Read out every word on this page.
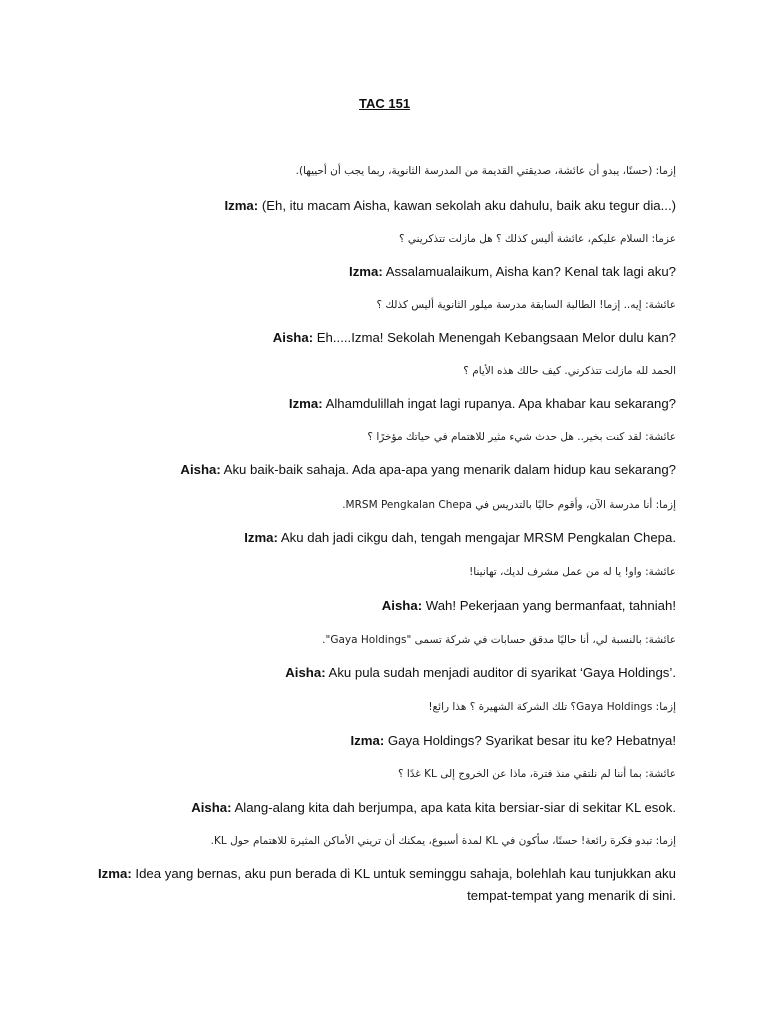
TAC 151
إزما: (حسنًا، يبدو أن عائشة، صديقتي القديمة من المدرسة الثانوية، ربما يجب أن أحييها).
Izma: (Eh, itu macam Aisha, kawan sekolah aku dahulu, baik aku tegur dia...)
عزما: السلام عليكم، عائشة أليس كذلك ؟ هل مازلت تتذكريني ؟
Izma: Assalamualaikum, Aisha kan? Kenal tak lagi aku?
عائشة: إيه.. إزما! الطالبة السابقة مدرسة ميلور الثانوية أليس كذلك ؟
Aisha: Eh.....Izma! Sekolah Menengah Kebangsaan Melor dulu kan?
الحمد لله مازلت تتذكرني. كيف حالك هذه الأيام ؟
Izma: Alhamdulillah ingat lagi rupanya. Apa khabar kau sekarang?
عائشة: لقد كنت بخير.. هل حدث شيء مثير للاهتمام في حياتك مؤخرًا ؟
Aisha: Aku baik-baik sahaja. Ada apa-apa yang menarik dalam hidup kau sekarang?
إزما: أنا مدرسة الآن، وأقوم حاليًا بالتدريس في MRSM Pengkalan Chepa.
Izma: Aku dah jadi cikgu dah, tengah mengajar MRSM Pengkalan Chepa.
عائشة: واو! يا له من عمل مشرف لديك، تهانينا!
Aisha: Wah! Pekerjaan yang bermanfaat, tahniah!
عائشة: بالنسبة لي، أنا حاليًا مدقق حسابات في شركة تسمى "Gaya Holdings".
Aisha: Aku pula sudah menjadi auditor di syarikat ‘Gaya Holdings’.
إزما: Gaya Holdings؟ تلك الشركة الشهيرة ؟ هذا رائع!
Izma: Gaya Holdings? Syarikat besar itu ke? Hebatnya!
عائشة: بما أننا لم نلتقي منذ فترة، ماذا عن الخروج إلى KL غدًا ؟
Aisha: Alang-alang kita dah berjumpa, apa kata kita bersiar-siar di sekitar KL esok.
إزما: تبدو فكرة رائعة! حسنًا، سأكون في KL لمدة أسبوع، يمكنك أن تريني الأماكن المثيرة للاهتمام حول KL.
Izma: Idea yang bernas, aku pun berada di KL untuk seminggu sahaja, bolehlah kau tunjukkan aku tempat-tempat yang menarik di sini.
